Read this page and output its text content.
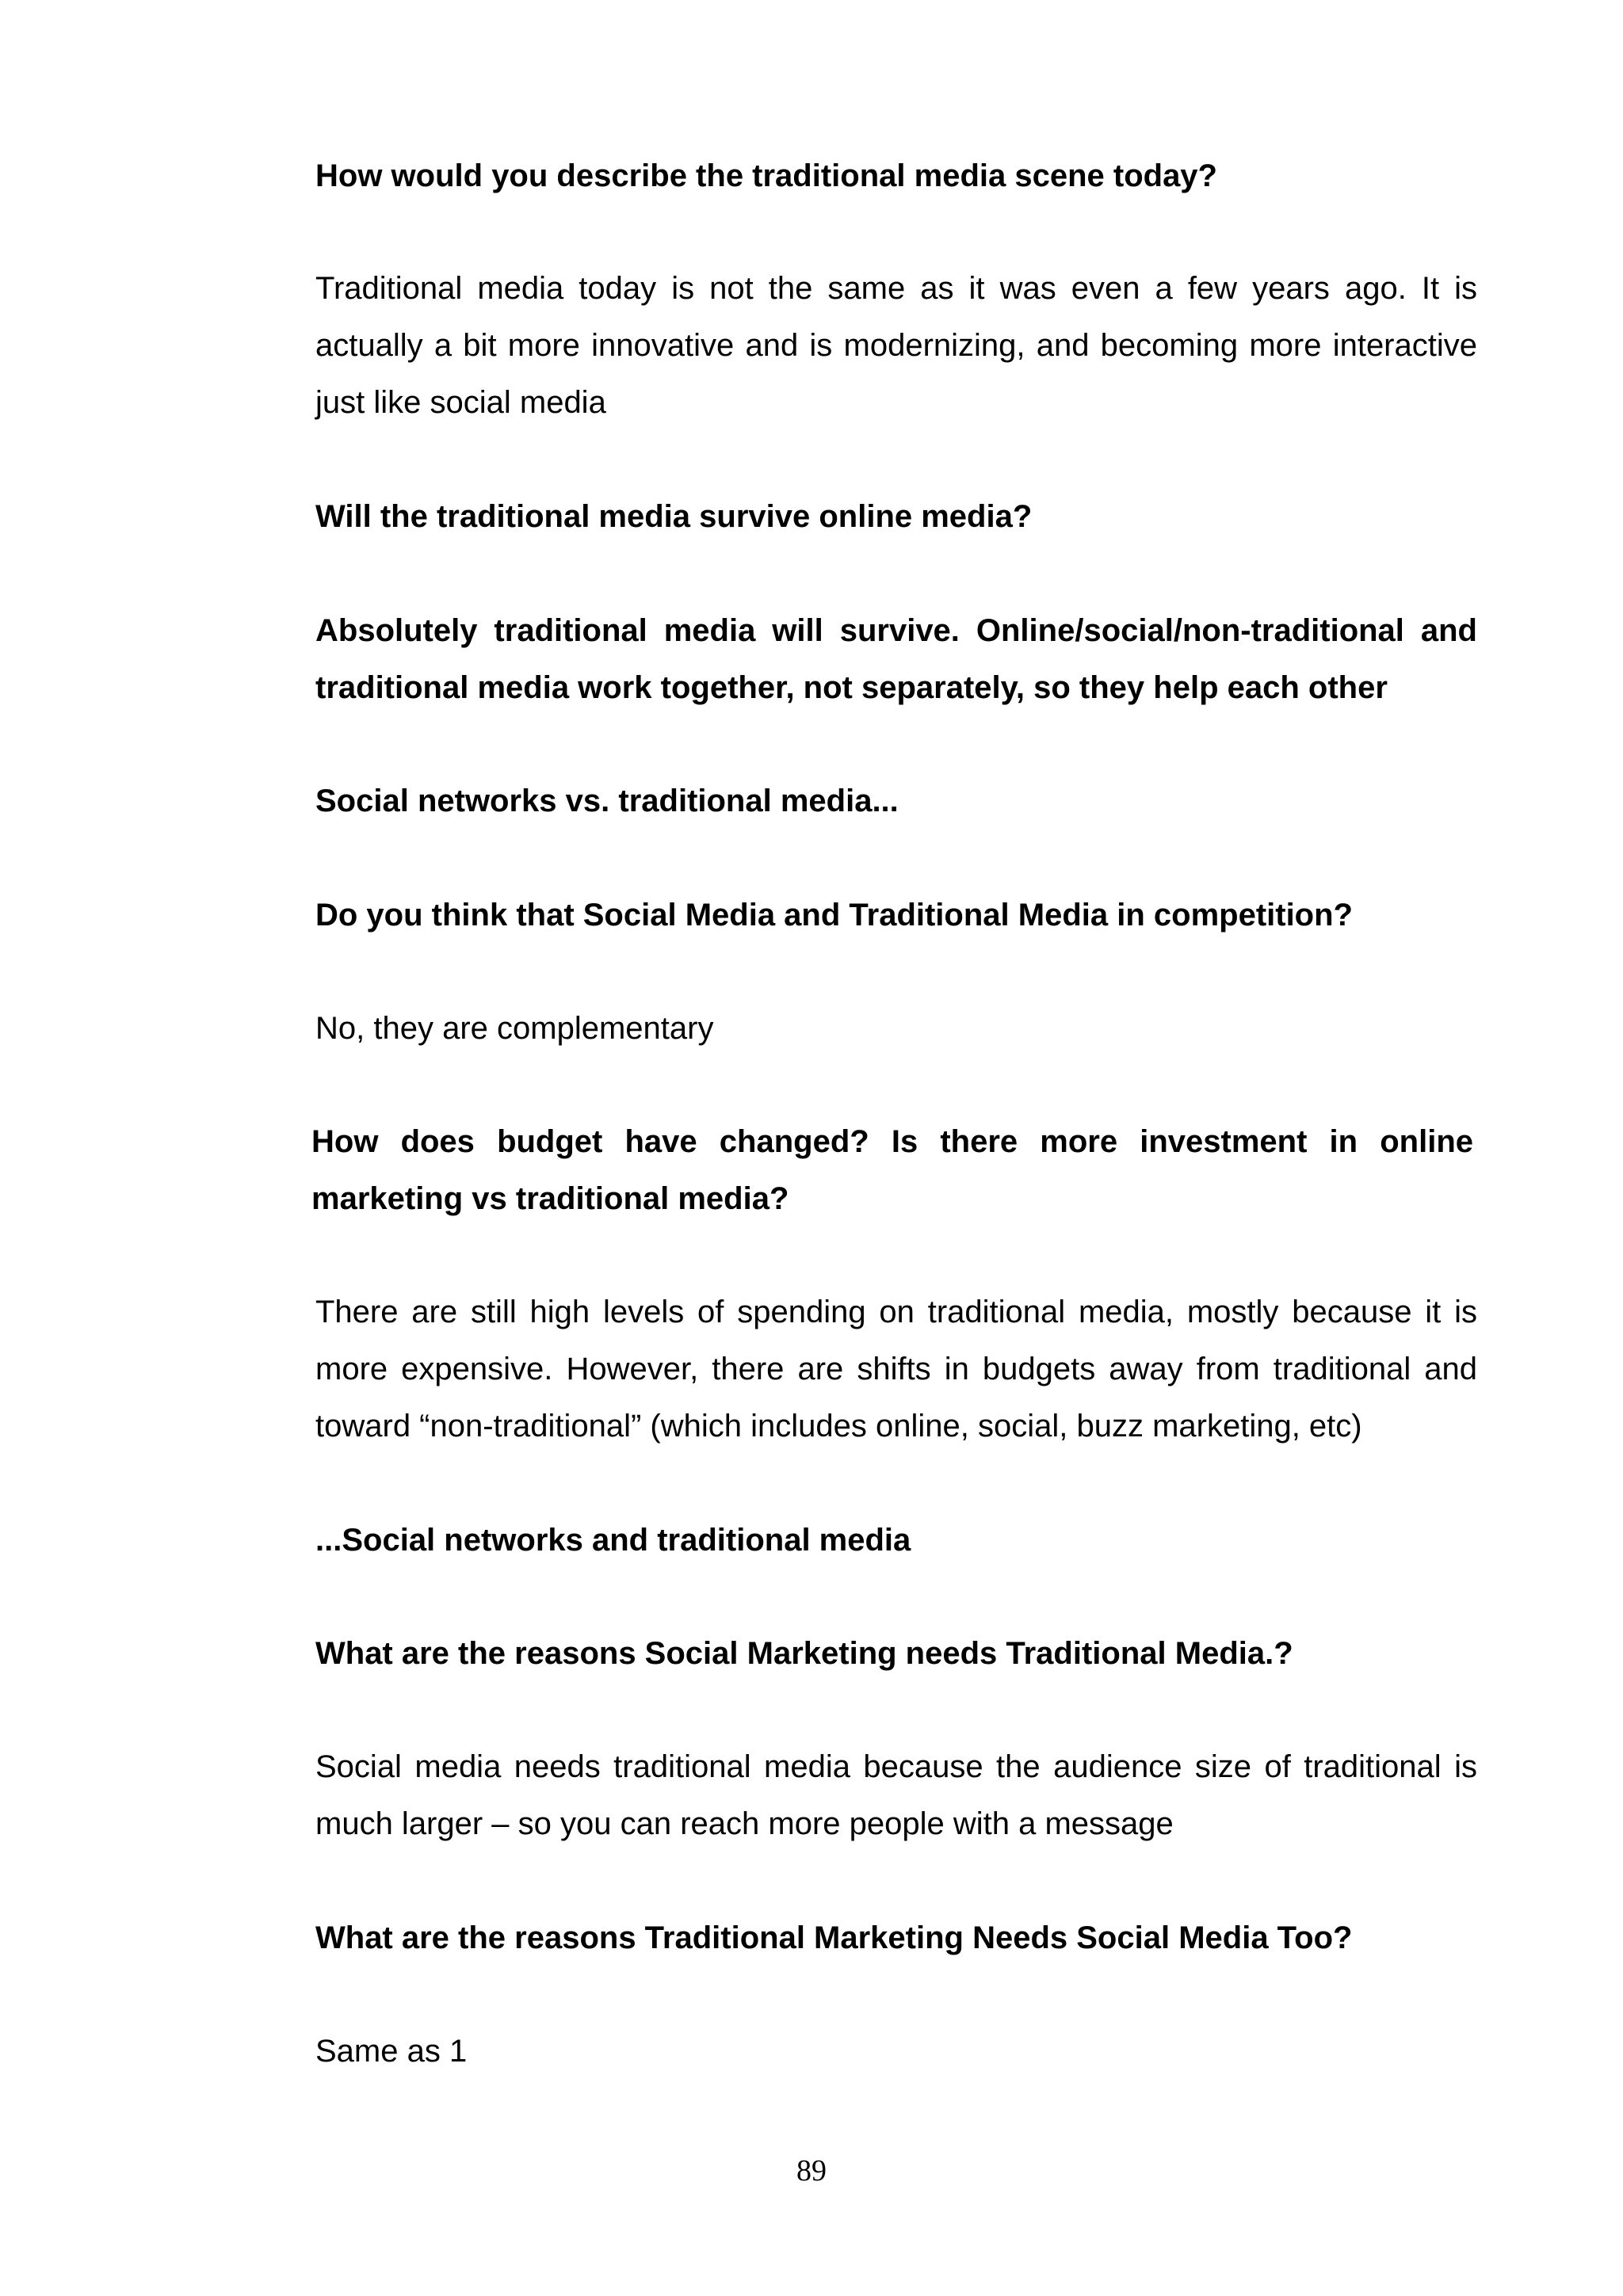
How would you describe the traditional media scene today?

Traditional media today is not the same as it was even a few years ago. It is actually a bit more innovative and is modernizing, and becoming more interactive just like social media

Will the traditional media survive online media?

Absolutely traditional media will survive. Online/social/non-traditional and traditional media work together, not separately, so they help each other

Social networks vs. traditional media...

Do you think that Social Media and Traditional Media in competition?

No, they are complementary

How does budget have changed? Is there more investment in online marketing vs traditional media?

There are still high levels of spending on traditional media, mostly because it is more expensive. However, there are shifts in budgets away from traditional and toward “non-traditional” (which includes online, social, buzz marketing, etc)

...Social networks and traditional media

What are the reasons Social Marketing needs Traditional Media.?

Social media needs traditional media because the audience size of traditional is much larger – so you can reach more people with a message

What are the reasons Traditional Marketing Needs Social Media Too?

Same as 1

89
